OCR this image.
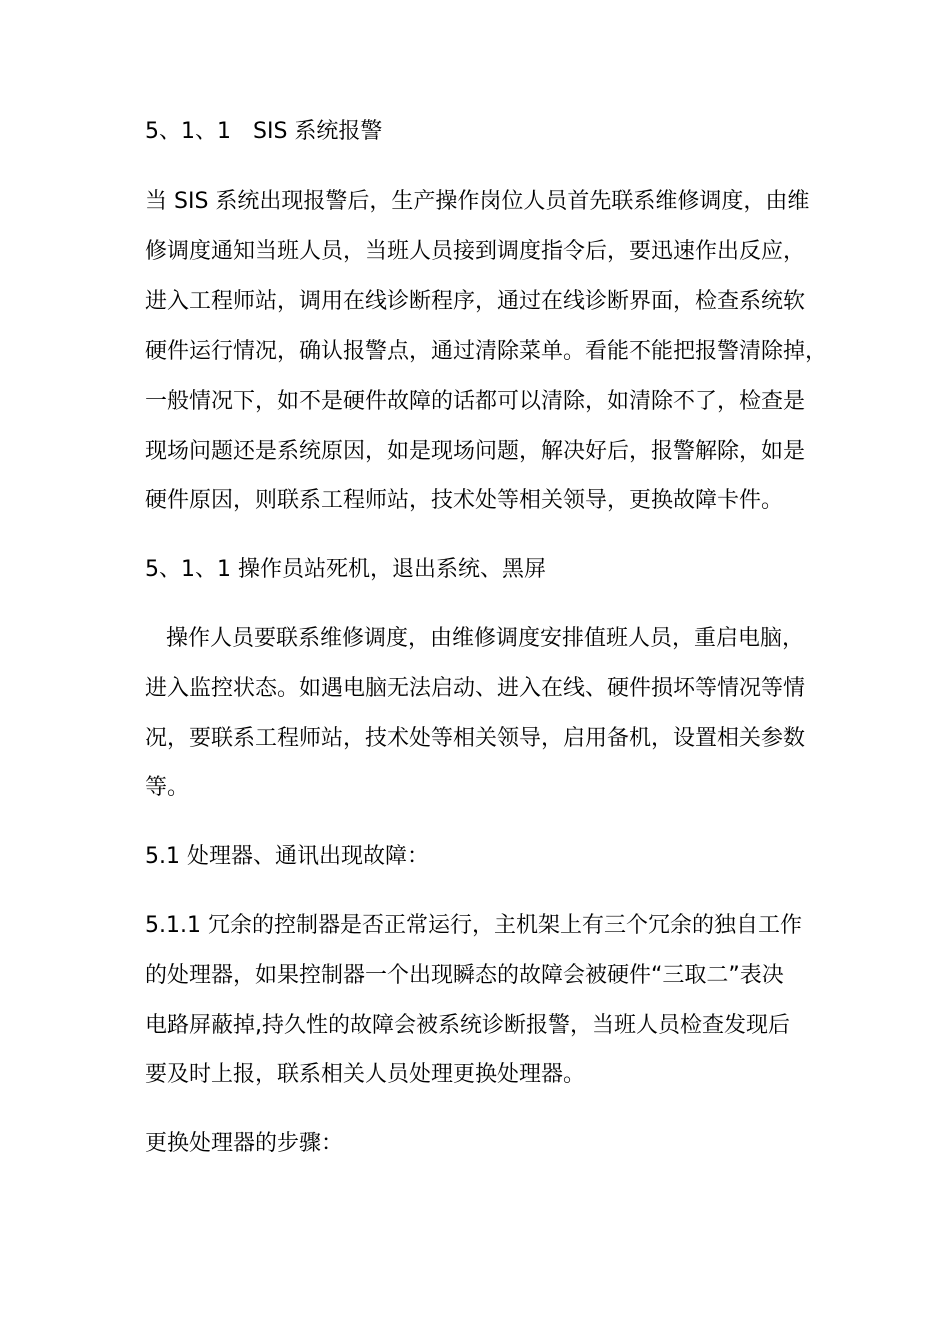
5、1、1　SIS 系统报警
当 SIS 系统出现报警后，生产操作岗位人员首先联系维修调度，由维
修调度通知当班人员，当班人员接到调度指令后，要迅速作出反应，
进入工程师站，调用在线诊断程序，通过在线诊断界面，检查系统软
硬件运行情况，确认报警点，通过清除菜单。看能不能把报警清除掉，
一般情况下，如不是硬件故障的话都可以清除，如清除不了，检查是
现场问题还是系统原因，如是现场问题，解决好后，报警解除，如是
硬件原因，则联系工程师站，技术处等相关领导，更换故障卡件。
5、1、1 操作员站死机，退出系统、黑屏
操作人员要联系维修调度，由维修调度安排值班人员，重启电脑，
进入监控状态。如遇电脑无法启动、进入在线、硬件损坏等情况等情
况，要联系工程师站，技术处等相关领导，启用备机，设置相关参数
等。
5.1 处理器、通讯出现故障：
5.1.1 冗余的控制器是否正常运行，主机架上有三个冗余的独自工作
的处理器，如果控制器一个出现瞬态的故障会被硬件“三取二”表决
电路屏蔽掉,持久性的故障会被系统诊断报警，当班人员检查发现后
要及时上报，联系相关人员处理更换处理器。
更换处理器的步骤：
